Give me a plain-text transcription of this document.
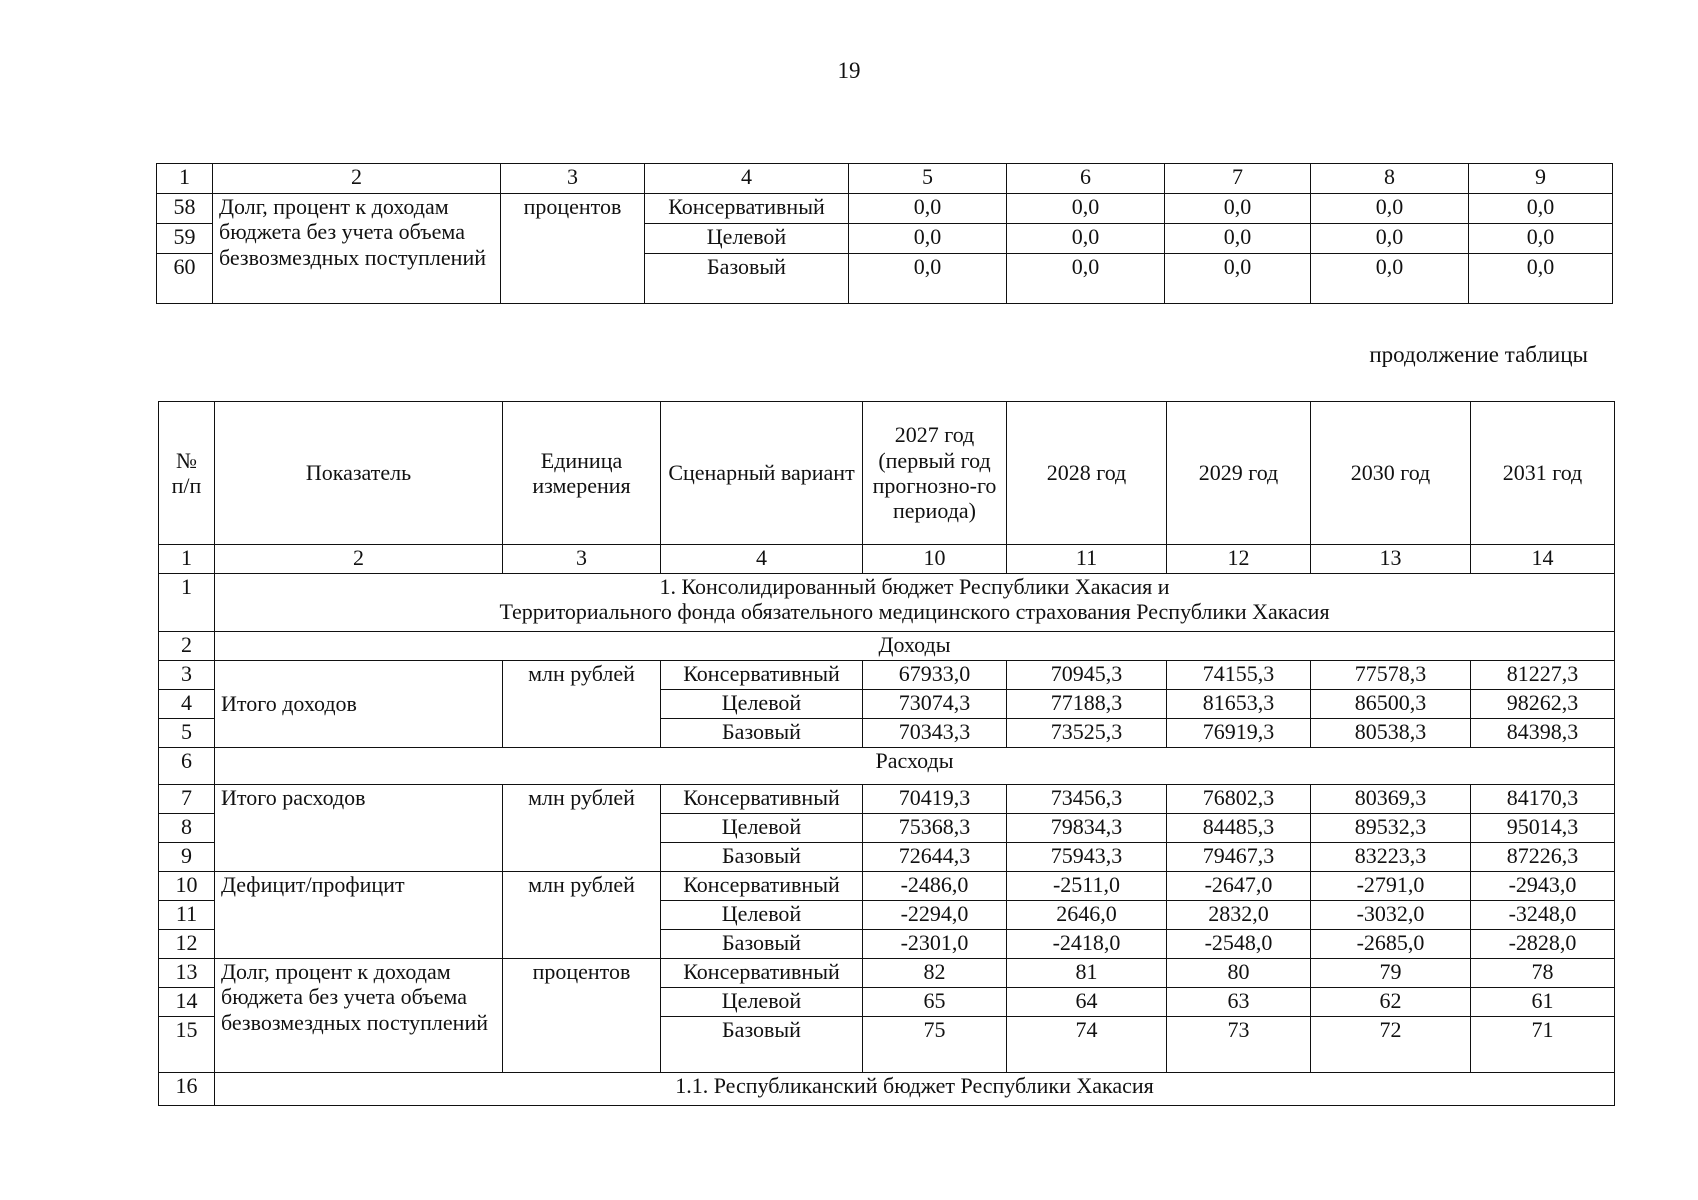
19
1	2	3	4	5	6	7	8	9
58	Долг, процент к доходам бюджета без учета объема безвозмездных поступлений	процентов	Консервативный	0,0	0,0	0,0	0,0	0,0
59			Целевой	0,0	0,0	0,0	0,0	0,0
60			Базовый	0,0	0,0	0,0	0,0	0,0
продолжение таблицы
№ п/п	Показатель	Единица измерения	Сценарный вариант	2027 год (первый год прогнозно-го периода)	2028 год	2029 год	2030 год	2031 год
1	2	3	4	10	11	12	13	14
1	1. Консолидированный бюджет Республики Хакасия и
Территориального фонда обязательного медицинского страхования Республики Хакасия							

2	Доходы							
3	Итого доходов	млн рублей	Консервативный	67933,0	70945,3	74155,3	77578,3	81227,3
4			Целевой	73074,3	77188,3	81653,3	86500,3	98262,3
5			Базовый	70343,3	73525,3	76919,3	80538,3	84398,3
6	Расходы							
7	Итого расходов	млн рублей	Консервативный	70419,3	73456,3	76802,3	80369,3	84170,3
8			Целевой	75368,3	79834,3	84485,3	89532,3	95014,3
9			Базовый	72644,3	75943,3	79467,3	83223,3	87226,3
10	Дефицит/профицит	млн рублей	Консервативный	-2486,0	-2511,0	-2647,0	-2791,0	-2943,0
11			Целевой	-2294,0	2646,0	2832,0	-3032,0	-3248,0
12			Базовый	-2301,0	-2418,0	-2548,0	-2685,0	-2828,0
13	Долг, процент к доходам бюджета без учета объема безвозмездных поступлений	процентов	Консервативный	82	81	80	79	78
14			Целевой	65	64	63	62	61
15			Базовый	75	74	73	72	71
16	1.1. Республиканский бюджет Республики Хакасия							
